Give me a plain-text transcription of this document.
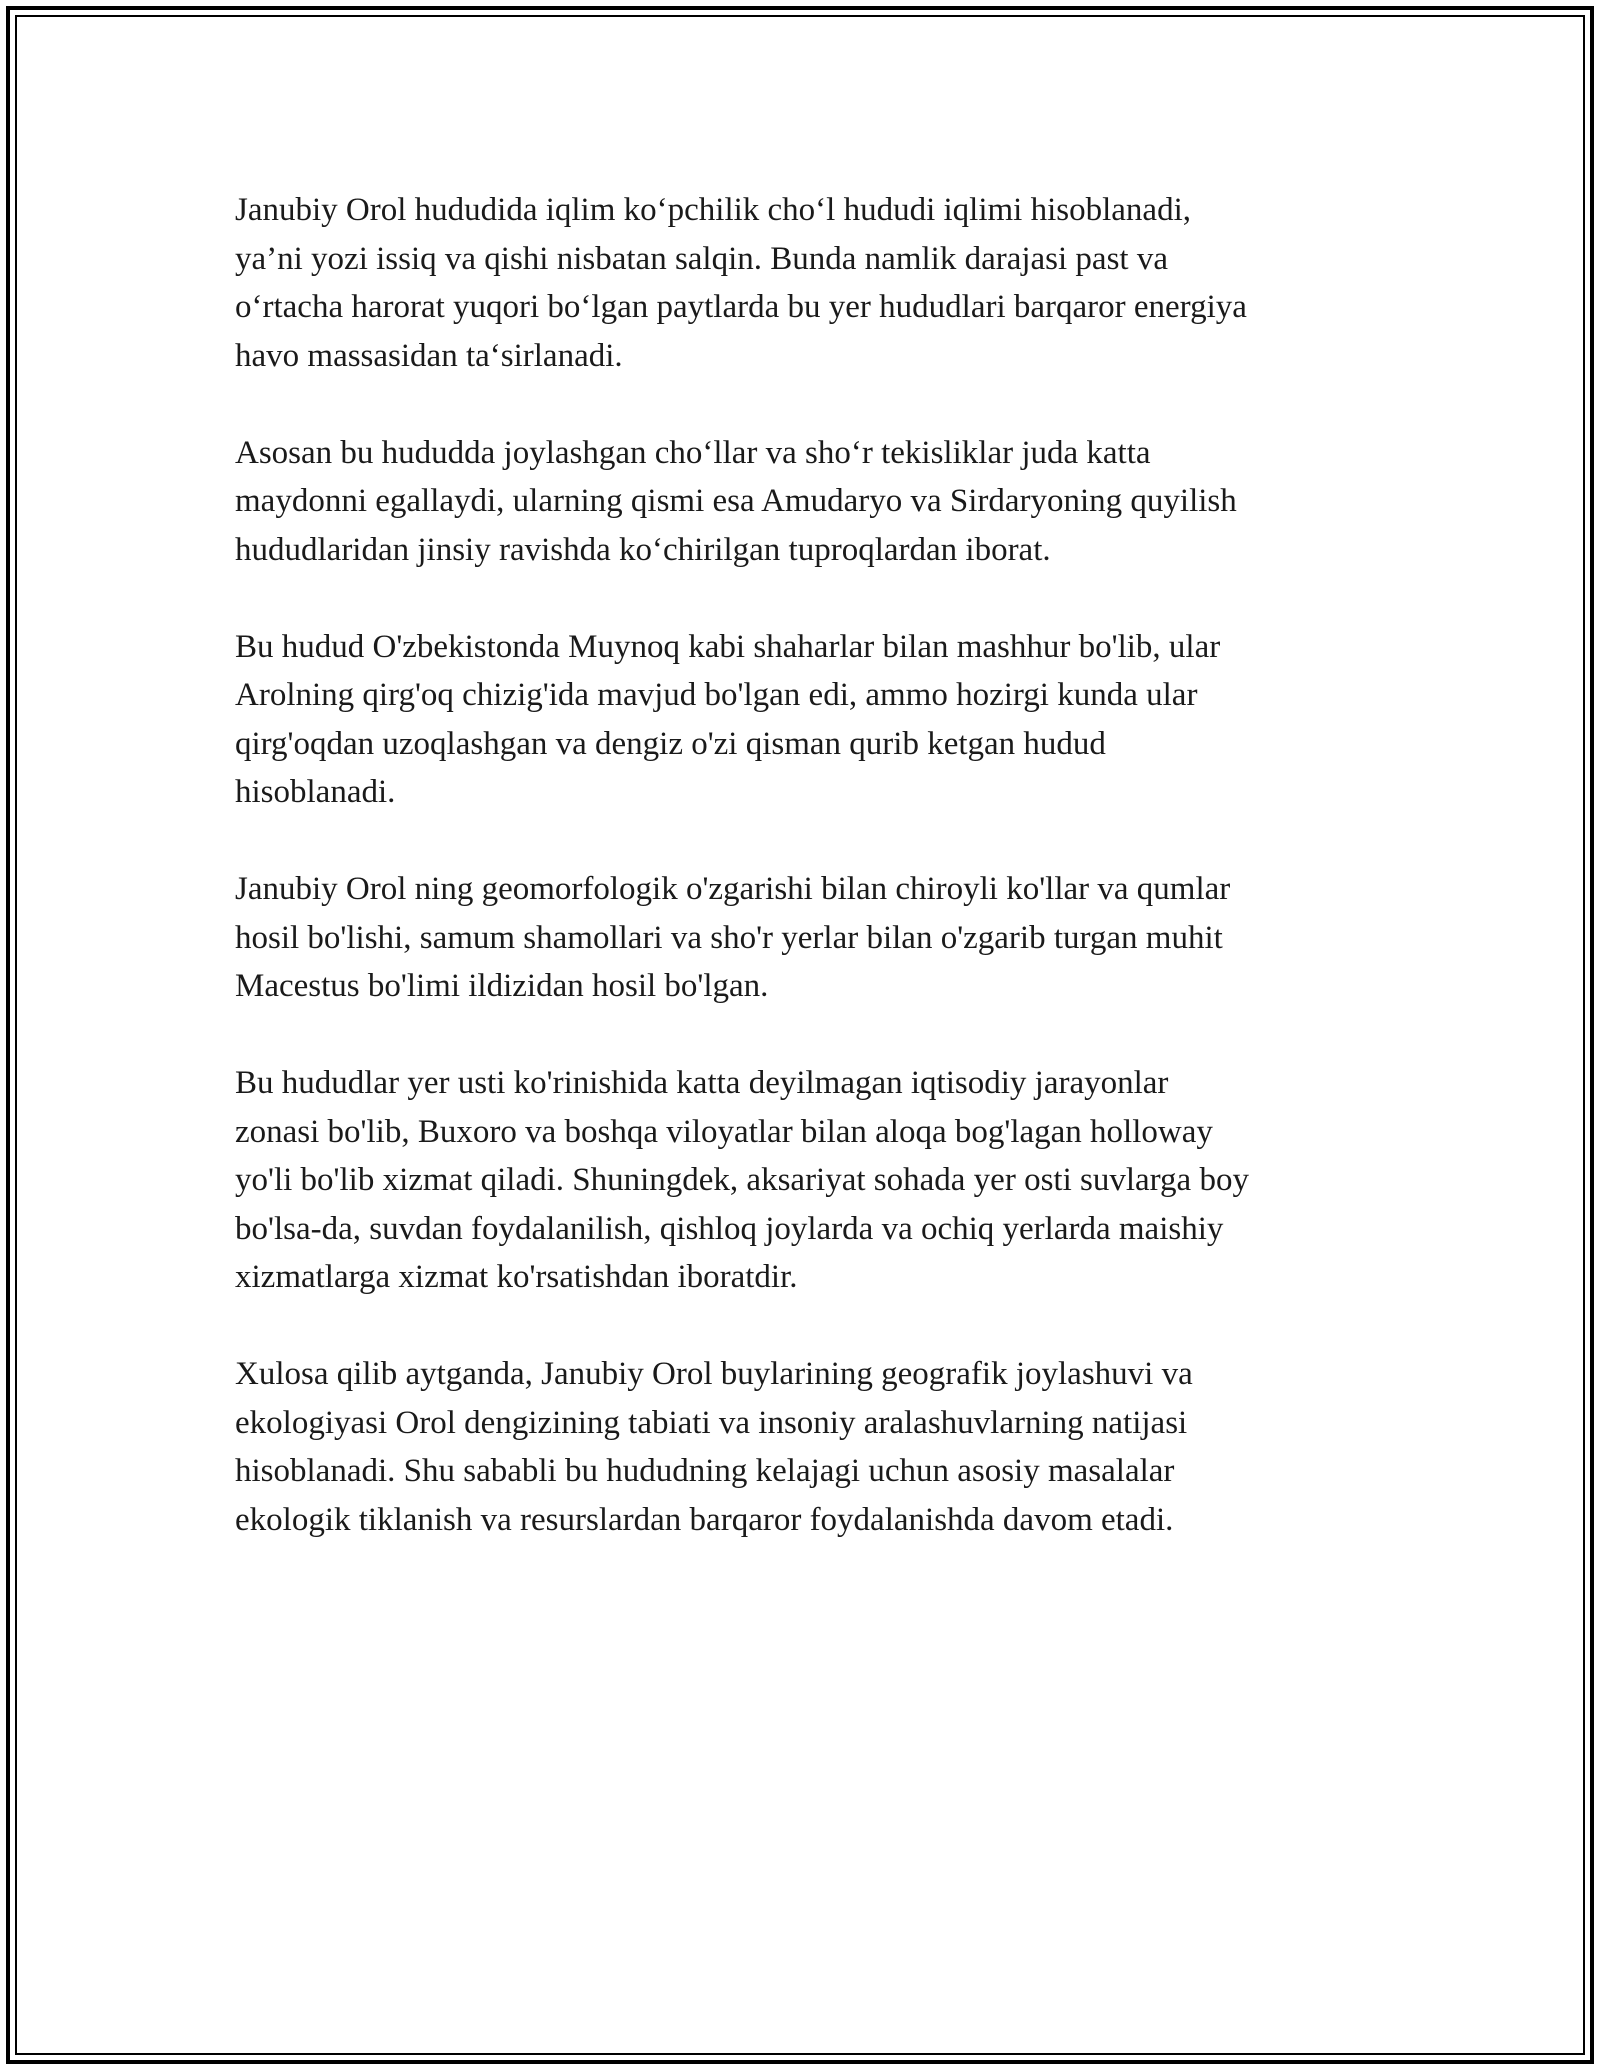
Janubiy Orol hududida iqlim ko‘pchilik cho‘l hududi iqlimi hisoblanadi,
ya’ni yozi issiq va qishi nisbatan salqin. Bunda namlik darajasi past va
o‘rtacha harorat yuqori bo‘lgan paytlarda bu yer hududlari barqaror energiya
havo massasidan ta‘sirlanadi.

Asosan bu hududda joylashgan cho‘llar va sho‘r tekisliklar juda katta
maydonni egallaydi, ularning qismi esa Amudaryo va Sirdaryoning quyilish
hududlaridan jinsiy ravishda ko‘chirilgan tuproqlardan iborat.

Bu hudud O'zbekistonda Muynoq kabi shaharlar bilan mashhur bo'lib, ular
Arolning qirg'oq chizig'ida mavjud bo'lgan edi, ammo hozirgi kunda ular
qirg'oqdan uzoqlashgan va dengiz o'zi qisman qurib ketgan hudud
hisoblanadi.

Janubiy Orol ning geomorfologik o'zgarishi bilan chiroyli ko'llar va qumlar
hosil bo'lishi, samum shamollari va sho'r yerlar bilan o'zgarib turgan muhit
Macestus bo'limi ildizidan hosil bo'lgan.

Bu hududlar yer usti ko'rinishida katta deyilmagan iqtisodiy jarayonlar
zonasi bo'lib, Buxoro va boshqa viloyatlar bilan aloqa bog'lagan holloway
yo'li bo'lib xizmat qiladi. Shuningdek, aksariyat sohada yer osti suvlarga boy
bo'lsa-da, suvdan foydalanilish, qishloq joylarda va ochiq yerlarda maishiy
xizmatlarga xizmat ko'rsatishdan iboratdir.

Xulosa qilib aytganda, Janubiy Orol buylarining geografik joylashuvi va
ekologiyasi Orol dengizining tabiati va insoniy aralashuvlarning natijasi
hisoblanadi. Shu sababli bu hududning kelajagi uchun asosiy masalalar
ekologik tiklanish va resurslardan barqaror foydalanishda davom etadi.
